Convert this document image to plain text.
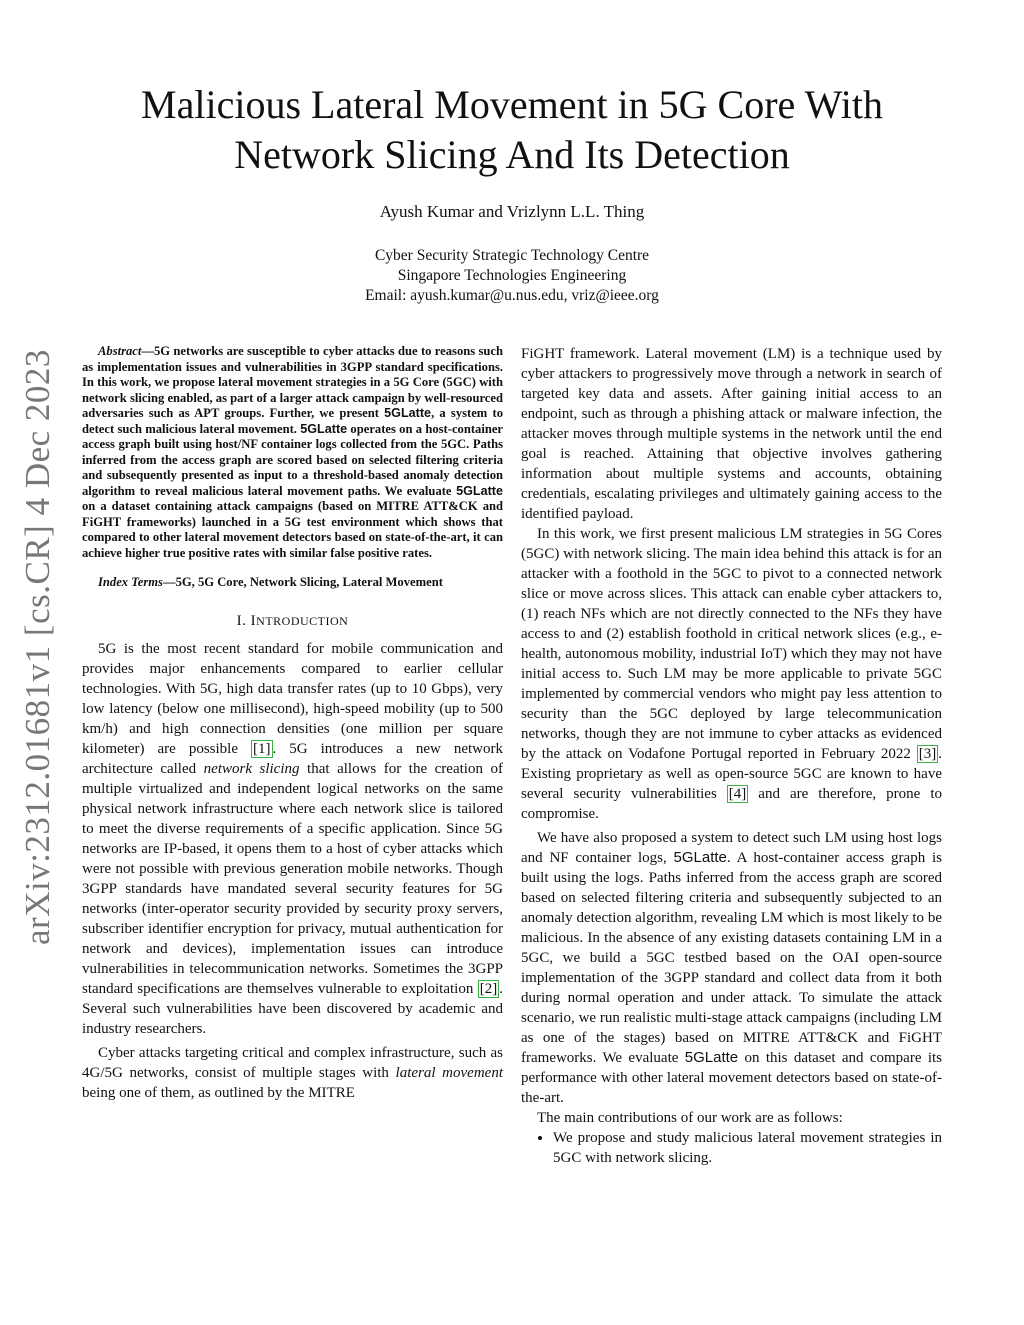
arXiv:2312.01681v1 [cs.CR] 4 Dec 2023
Malicious Lateral Movement in 5G Core With
Network Slicing And Its Detection
Ayush Kumar and Vrizlynn L.L. Thing
Cyber Security Strategic Technology Centre
Singapore Technologies Engineering
Email: ayush.kumar@u.nus.edu, vriz@ieee.org

Abstract—5G networks are susceptible to cyber attacks due to reasons such as implementation issues and vulnerabilities in 3GPP standard specifications. In this work, we propose lateral movement strategies in a 5G Core (5GC) with network slicing enabled, as part of a larger attack campaign by well-resourced adversaries such as APT groups. Further, we present 5GLatte, a system to detect such malicious lateral movement. 5GLatte operates on a host-container access graph built using host/NF container logs collected from the 5GC. Paths inferred from the access graph are scored based on selected filtering criteria and subsequently presented as input to a threshold-based anomaly detection algorithm to reveal malicious lateral movement paths. We evaluate 5GLatte on a dataset containing attack campaigns (based on MITRE ATT&CK and FiGHT frameworks) launched in a 5G test environment which shows that compared to other lateral movement detectors based on state-of-the-art, it can achieve higher true positive rates with similar false positive rates.

Index Terms—5G, 5G Core, Network Slicing, Lateral Movement

I. INTRODUCTION

5G is the most recent standard for mobile communication and provides major enhancements compared to earlier cellular technologies. With 5G, high data transfer rates (up to 10 Gbps), very low latency (below one millisecond), high-speed mobility (up to 500 km/h) and high connection densities (one million per square kilometer) are possible [1] . 5G introduces a new network architecture called network slicing that allows for the creation of multiple virtualized and independent logical networks on the same physical network infrastructure where each network slice is tailored to meet the diverse requirements of a specific application. Since 5G networks are IP-based, it opens them to a host of cyber attacks which were not possible with previous generation mobile networks. Though 3GPP standards have mandated several security features for 5G networks (inter-operator security provided by security proxy servers, subscriber identifier encryption for privacy, mutual authentication for network and devices), implementation issues can introduce vulnerabilities in telecommunication networks. Sometimes the 3GPP standard specifications are themselves vulnerable to exploitation [2] . Several such vulnerabilities have been discovered by academic and industry researchers.

Cyber attacks targeting critical and complex infrastructure, such as 4G/5G networks, consist of multiple stages with lateral movement being one of them, as outlined by the MITRE

FiGHT framework. Lateral movement (LM) is a technique used by cyber attackers to progressively move through a network in search of targeted key data and assets. After gaining initial access to an endpoint, such as through a phishing attack or malware infection, the attacker moves through multiple systems in the network until the end goal is reached. Attaining that objective involves gathering information about multiple systems and accounts, obtaining credentials, escalating privileges and ultimately gaining access to the identified payload.

In this work, we first present malicious LM strategies in 5G Cores (5GC) with network slicing. The main idea behind this attack is for an attacker with a foothold in the 5GC to pivot to a connected network slice or move across slices. This attack can enable cyber attackers to, (1) reach NFs which are not directly connected to the NFs they have access to and (2) establish foothold in critical network slices (e.g., e-health, autonomous mobility, industrial IoT) which they may not have initial access to. Such LM may be more applicable to private 5GC implemented by commercial vendors who might pay less attention to security than the 5GC deployed by large telecommunication networks, though they are not immune to cyber attacks as evidenced by the attack on Vodafone Portugal reported in February 2022 [3] . Existing proprietary as well as open-source 5GC are known to have several security vulnerabilities [4] and are therefore, prone to compromise.

We have also proposed a system to detect such LM using host logs and NF container logs, 5GLatte. A host-container access graph is built using the logs. Paths inferred from the access graph are scored based on selected filtering criteria and subsequently subjected to an anomaly detection algorithm, revealing LM which is most likely to be malicious. In the absence of any existing datasets containing LM in a 5GC, we build a 5GC testbed based on the OAI open-source implementation of the 3GPP standard and collect data from it both during normal operation and under attack. To simulate the attack scenario, we run realistic multi-stage attack campaigns (including LM as one of the stages) based on MITRE ATT&CK and FiGHT frameworks. We evaluate 5GLatte on this dataset and compare its performance with other lateral movement detectors based on state-of-the-art.

The main contributions of our work are as follows:

• We propose and study malicious lateral movement strategies in 5GC with network slicing.
